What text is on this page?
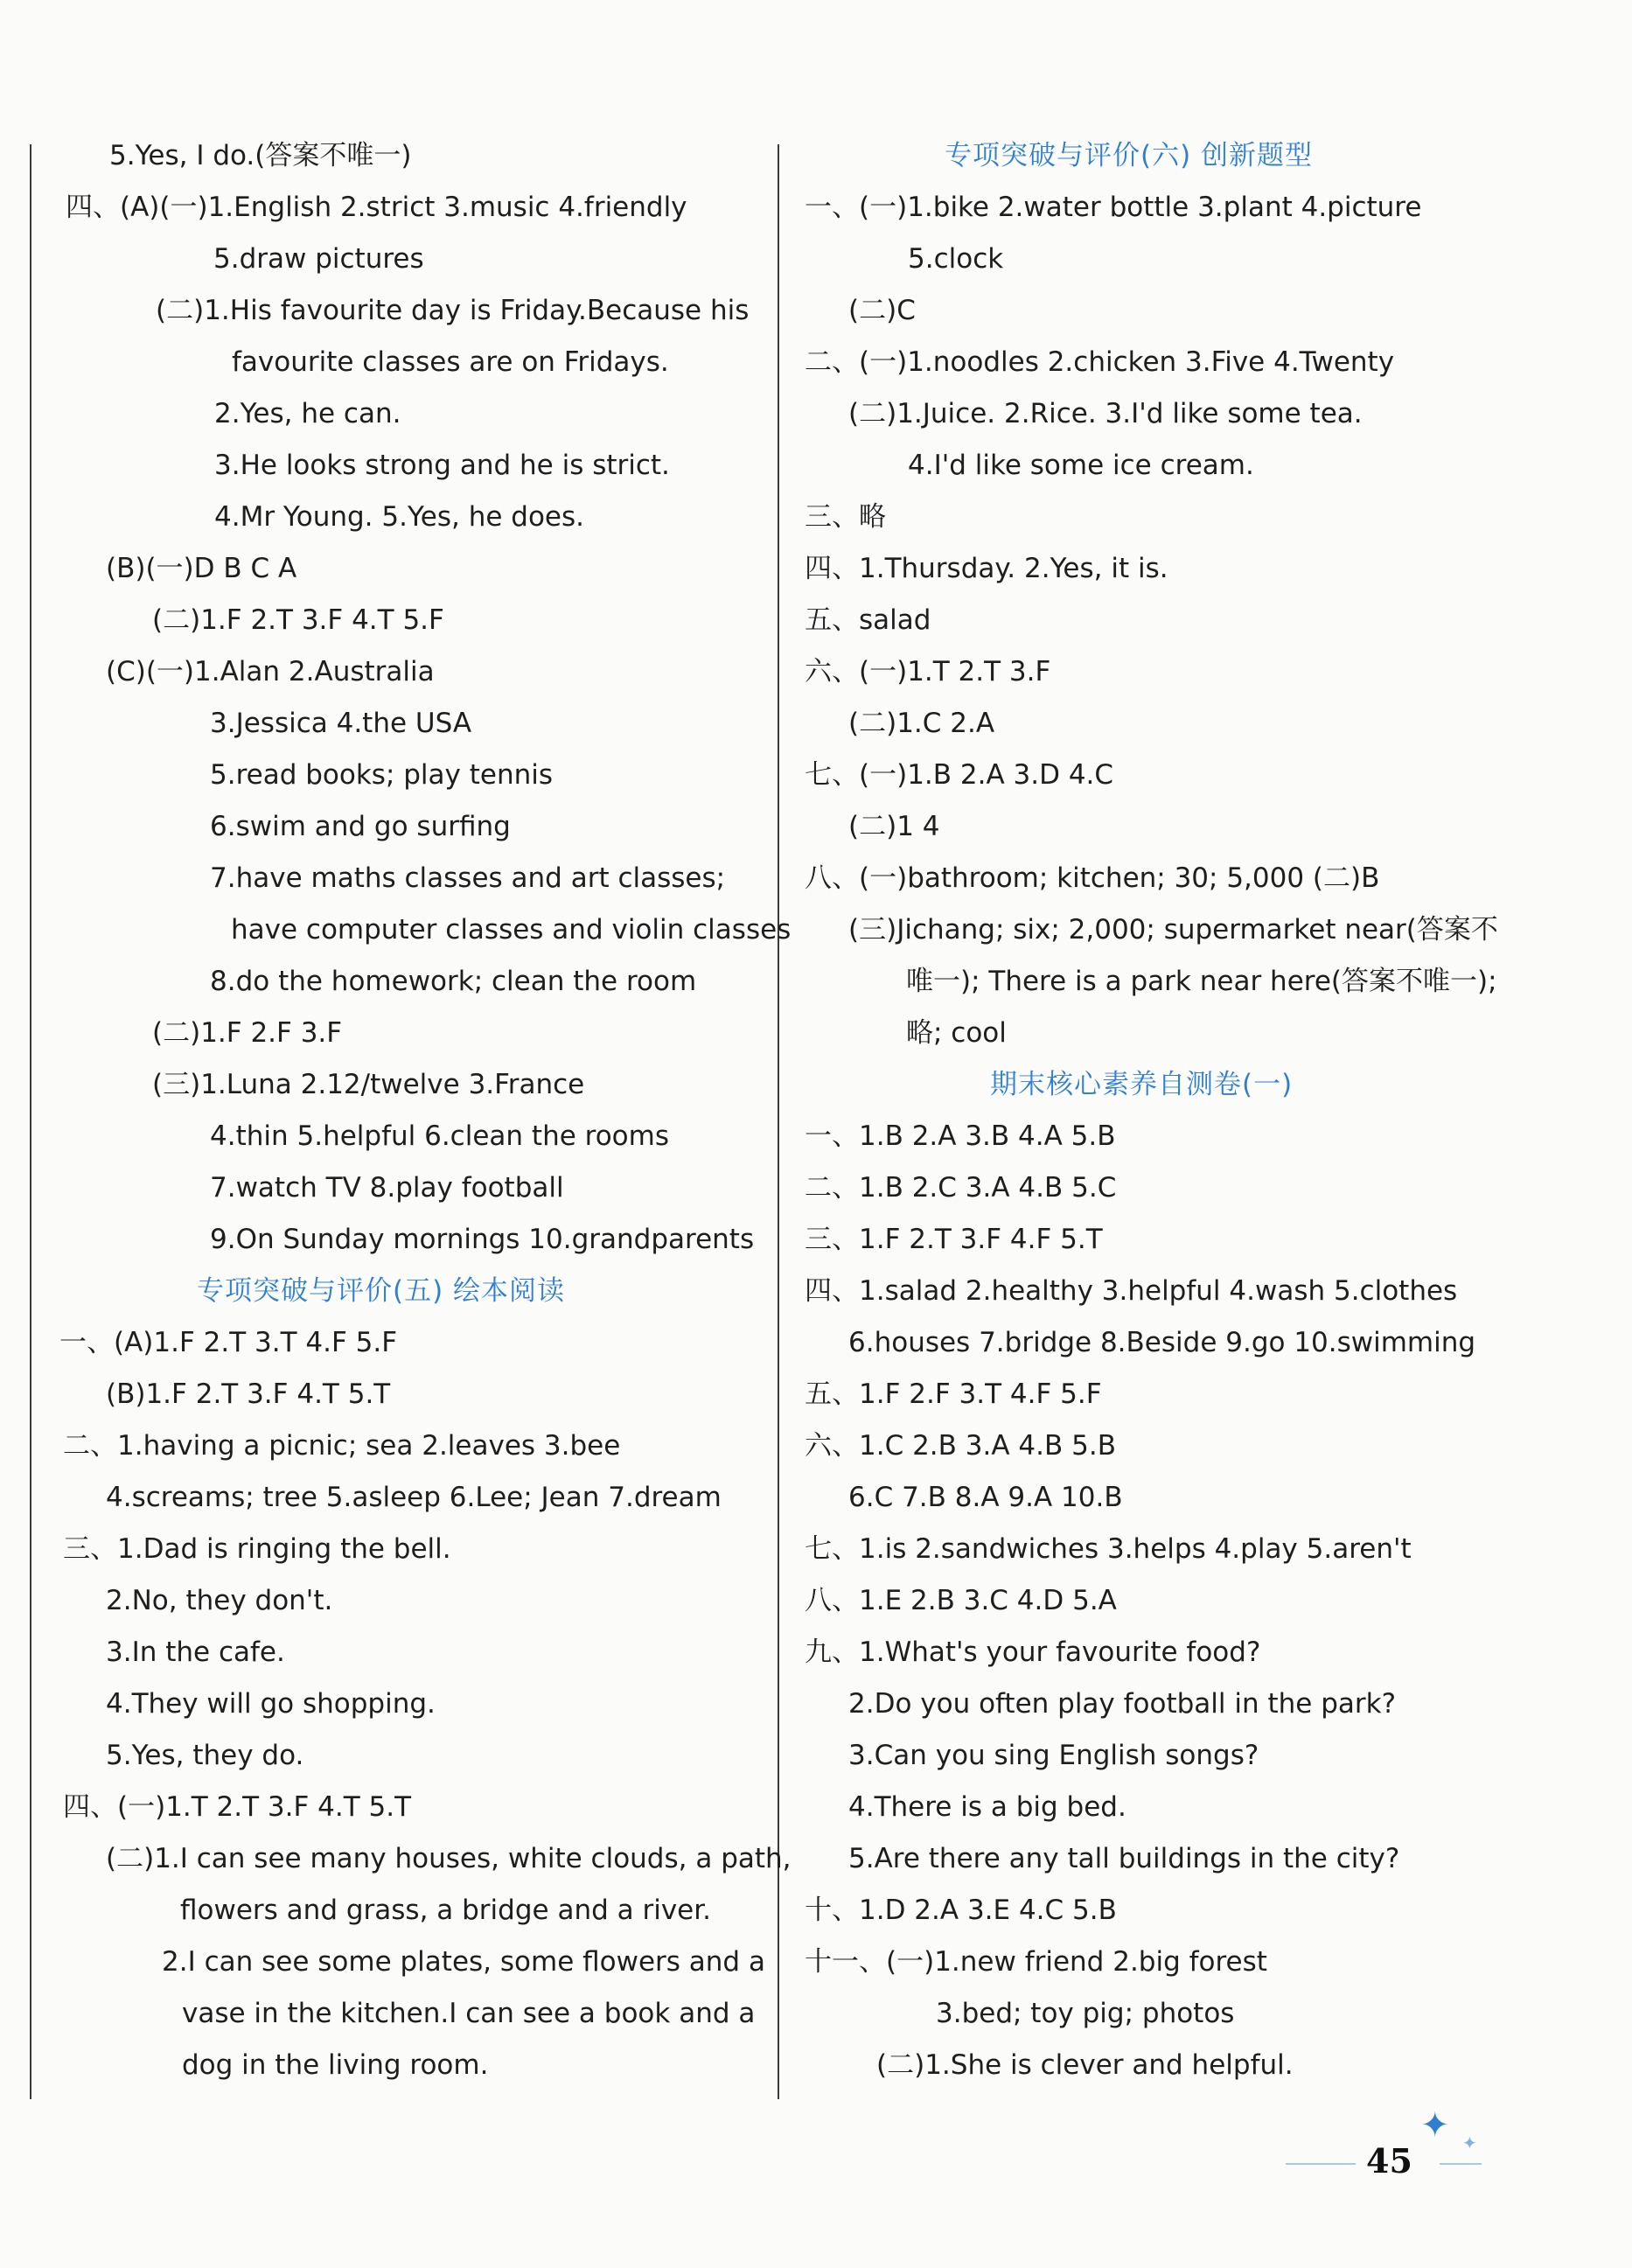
5.Yes, I do.(答案不唯一)
四、(A)(一)1.English 2.strict 3.music 4.friendly
5.draw pictures
(二)1.His favourite day is Friday.Because his
favourite classes are on Fridays.
2.Yes, he can.
3.He looks strong and he is strict.
4.Mr Young. 5.Yes, he does.
(B)(一)D B C A
(二)1.F 2.T 3.F 4.T 5.F
(C)(一)1.Alan 2.Australia
3.Jessica 4.the USA
5.read books; play tennis
6.swim and go surfing
7.have maths classes and art classes;
have computer classes and violin classes
8.do the homework; clean the room
(二)1.F 2.F 3.F
(三)1.Luna 2.12/twelve 3.France
4.thin 5.helpful 6.clean the rooms
7.watch TV 8.play football
9.On Sunday mornings 10.grandparents
专项突破与评价(五) 绘本阅读
一、(A)1.F 2.T 3.T 4.F 5.F
(B)1.F 2.T 3.F 4.T 5.T
二、1.having a picnic; sea 2.leaves 3.bee
4.screams; tree 5.asleep 6.Lee; Jean 7.dream
三、1.Dad is ringing the bell.
2.No, they don't.
3.In the cafe.
4.They will go shopping.
5.Yes, they do.
四、(一)1.T 2.T 3.F 4.T 5.T
(二)1.I can see many houses, white clouds, a path,
flowers and grass, a bridge and a river.
2.I can see some plates, some flowers and a
vase in the kitchen.I can see a book and a
dog in the living room.
专项突破与评价(六) 创新题型
一、(一)1.bike 2.water bottle 3.plant 4.picture
5.clock
(二)C
二、(一)1.noodles 2.chicken 3.Five 4.Twenty
(二)1.Juice. 2.Rice. 3.I'd like some tea.
4.I'd like some ice cream.
三、略
四、1.Thursday. 2.Yes, it is.
五、salad
六、(一)1.T 2.T 3.F
(二)1.C 2.A
七、(一)1.B 2.A 3.D 4.C
(二)1 4
八、(一)bathroom; kitchen; 30; 5,000 (二)B
(三)Jichang; six; 2,000; supermarket near(答案不
唯一); There is a park near here(答案不唯一);
略; cool
期末核心素养自测卷(一)
一、1.B 2.A 3.B 4.A 5.B
二、1.B 2.C 3.A 4.B 5.C
三、1.F 2.T 3.F 4.F 5.T
四、1.salad 2.healthy 3.helpful 4.wash 5.clothes
6.houses 7.bridge 8.Beside 9.go 10.swimming
五、1.F 2.F 3.T 4.F 5.F
六、1.C 2.B 3.A 4.B 5.B
6.C 7.B 8.A 9.A 10.B
七、1.is 2.sandwiches 3.helps 4.play 5.aren't
八、1.E 2.B 3.C 4.D 5.A
九、1.What's your favourite food?
2.Do you often play football in the park?
3.Can you sing English songs?
4.There is a big bed.
5.Are there any tall buildings in the city?
十、1.D 2.A 3.E 4.C 5.B
十一、(一)1.new friend 2.big forest
3.bed; toy pig; photos
(二)1.She is clever and helpful.
45
✦ ✦
